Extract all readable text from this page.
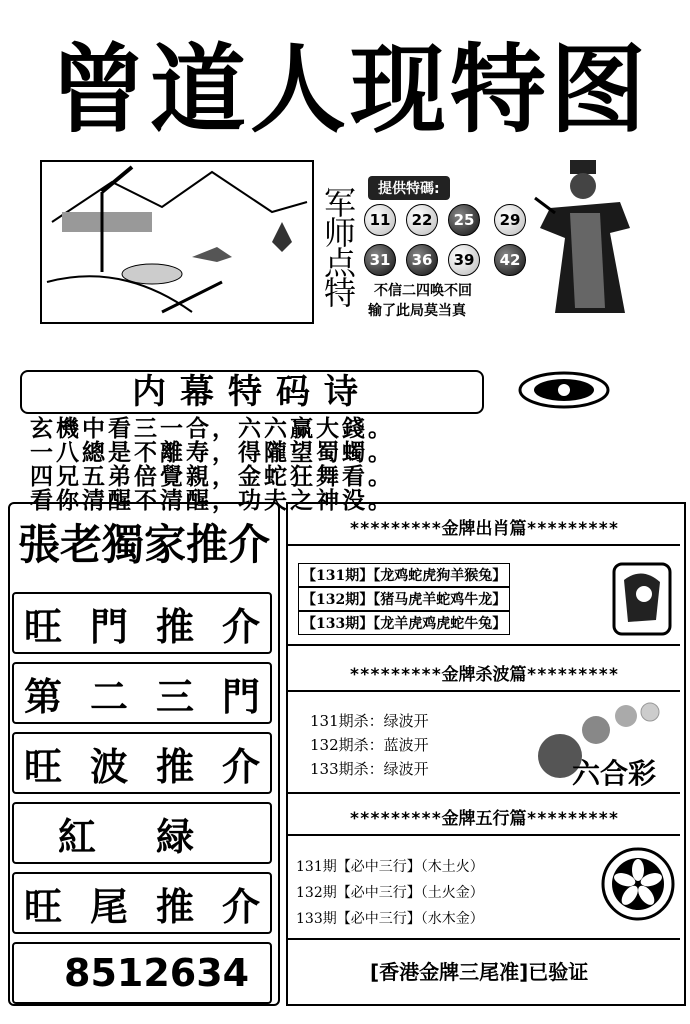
曾道人现特图
军师点特
提供特碼:
11	22	25	29
31	36	39	42
不信二四唤不回
输了此局莫当真
内幕特码诗
玄機中看三一合，六六赢大錢。
一八總是不離寿，得隴望蜀蠋。
四兄五弟倍覺親，金蛇狂舞看。
看你清醒不清醒，功夫之神没。
張老獨家推介
旺門推介
第二三門
旺波推介
紅緑
旺尾推介
8512634
*********金牌出肖篇*********
【131期】【龙鸡蛇虎狗羊猴兔】
【132期】【猪马虎羊蛇鸡牛龙】
【133期】【龙羊虎鸡虎蛇牛兔】
*********金牌杀波篇*********
131期杀：绿波开
132期杀：蓝波开
133期杀：绿波开	六合彩
*********金牌五行篇*********
131期【必中三行】（木土火）
132期【必中三行】（土火金）
133期【必中三行】（水木金）
[香港金牌三尾准]已验证
